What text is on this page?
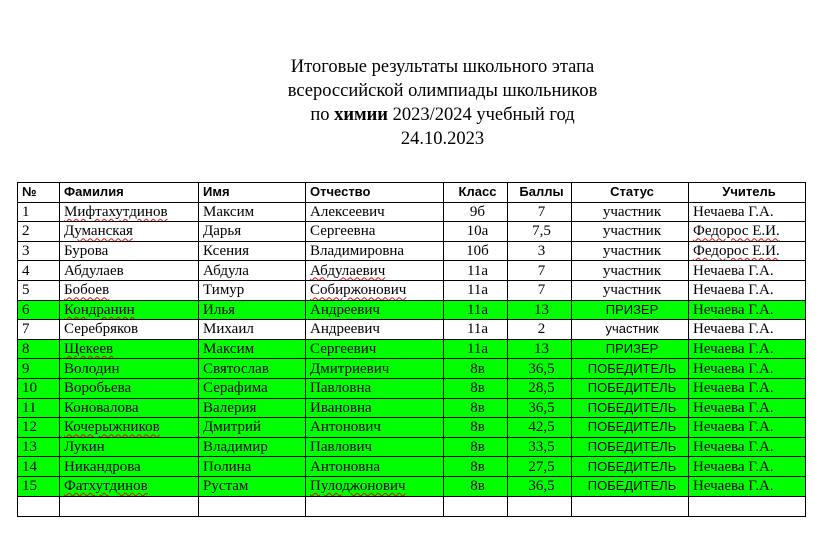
Итоговые результаты школьного этапа
всероссийской олимпиады школьников
по химии 2023/2024 учебный год
24.10.2023
№	Фамилия	Имя	Отчество	Класс	Баллы	Статус	Учитель
1	Мифтахутдинов	Максим	Алексеевич	9б	7	участник	Нечаева Г.А.
2	Думанская	Дарья	Сергеевна	10а	7,5	участник	Федорос Е.И.
3	Бурова	Ксения	Владимировна	10б	3	участник	Федорос Е.И.
4	Абдулаев	Абдула	Абдулаевич	11а	7	участник	Нечаева Г.А.
5	Бобоев	Тимур	Собиржонович	11а	7	участник	Нечаева Г.А.
6	Кондранин	Илья	Андреевич	11а	13	ПРИЗЕР	Нечаева Г.А.
7	Серебряков	Михаил	Андреевич	11а	2	участник	Нечаева Г.А.
8	Щекеев	Максим	Сергеевич	11а	13	ПРИЗЕР	Нечаева Г.А.
9	Володин	Святослав	Дмитриевич	8в	36,5	ПОБЕДИТЕЛЬ	Нечаева Г.А.
10	Воробьева	Серафима	Павловна	8в	28,5	ПОБЕДИТЕЛЬ	Нечаева Г.А.
11	Коновалова	Валерия	Ивановна	8в	36,5	ПОБЕДИТЕЛЬ	Нечаева Г.А.
12	Кочерыжников	Дмитрий	Антонович	8в	42,5	ПОБЕДИТЕЛЬ	Нечаева Г.А.
13	Лукин	Владимир	Павлович	8в	33,5	ПОБЕДИТЕЛЬ	Нечаева Г.А.
14	Никандрова	Полина	Антоновна	8в	27,5	ПОБЕДИТЕЛЬ	Нечаева Г.А.
15	Фатхутдинов	Рустам	Пулоджонович	8в	36,5	ПОБЕДИТЕЛЬ	Нечаева Г.А.
